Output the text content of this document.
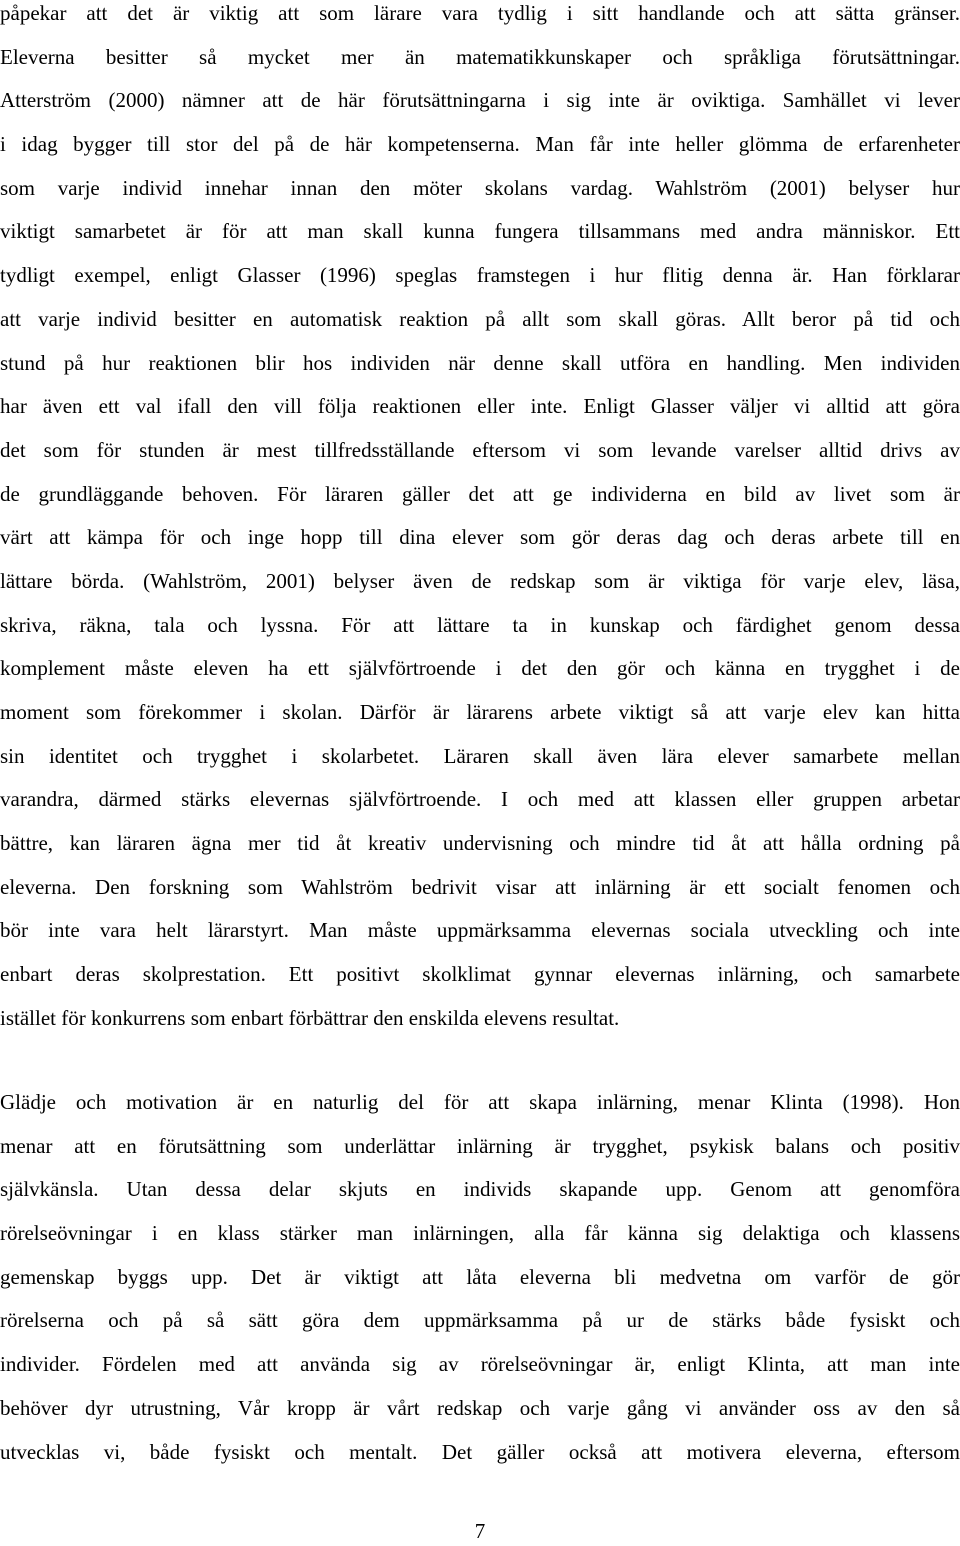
påpekar att det är viktig att som lärare vara tydlig i sitt handlande och att sätta gränser.
Eleverna besitter så mycket mer än matematikkunskaper och språkliga förutsättningar.
Atterström (2000) nämner att de här förutsättningarna i sig inte är oviktiga. Samhället vi lever
i idag bygger till stor del på de här kompetenserna. Man får inte heller glömma de erfarenheter
som varje individ innehar innan den möter skolans vardag. Wahlström (2001) belyser hur
viktigt samarbetet är för att man skall kunna fungera tillsammans med andra människor. Ett
tydligt exempel, enligt Glasser (1996) speglas framstegen i hur flitig denna är. Han förklarar
att varje individ besitter en automatisk reaktion på allt som skall göras. Allt beror på tid och
stund på hur reaktionen blir hos individen när denne skall utföra en handling. Men individen
har även ett val ifall den vill följa reaktionen eller inte. Enligt Glasser väljer vi alltid att göra
det som för stunden är mest tillfredsställande eftersom vi som levande varelser alltid drivs av
de grundläggande behoven. För läraren gäller det att ge individerna en bild av livet som är
värt att kämpa för och inge hopp till dina elever som gör deras dag och deras arbete till en
lättare börda. (Wahlström, 2001) belyser även de redskap som är viktiga för varje elev, läsa,
skriva, räkna, tala och lyssna. För att lättare ta in kunskap och färdighet genom dessa
komplement måste eleven ha ett självförtroende i det den gör och känna en trygghet i de
moment som förekommer i skolan. Därför är lärarens arbete viktigt så att varje elev kan hitta
sin identitet och trygghet i skolarbetet. Läraren skall även lära elever samarbete mellan
varandra, därmed stärks elevernas självförtroende. I och med att klassen eller gruppen arbetar
bättre, kan läraren ägna mer tid åt kreativ undervisning och mindre tid åt att hålla ordning på
eleverna. Den forskning som Wahlström bedrivit visar att inlärning är ett socialt fenomen och
bör inte vara helt lärarstyrt. Man måste uppmärksamma elevernas sociala utveckling och inte
enbart deras skolprestation. Ett positivt skolklimat gynnar elevernas inlärning, och samarbete
istället för konkurrens som enbart förbättrar den enskilda elevens resultat.
Glädje och motivation är en naturlig del för att skapa inlärning, menar Klinta (1998). Hon
menar att en förutsättning som underlättar inlärning är trygghet, psykisk balans och positiv
självkänsla. Utan dessa delar skjuts en individs skapande upp. Genom att genomföra
rörelseövningar i en klass stärker man inlärningen, alla får känna sig delaktiga och klassens
gemenskap byggs upp. Det är viktigt att låta eleverna bli medvetna om varför de gör
rörelserna och på så sätt göra dem uppmärksamma på ur de stärks både fysiskt och
individer. Fördelen med att använda sig av rörelseövningar är, enligt Klinta, att man inte
behöver dyr utrustning, Vår kropp är vårt redskap och varje gång vi använder oss av den så
utvecklas vi, både fysiskt och mentalt. Det gäller också att motivera eleverna, eftersom
7
